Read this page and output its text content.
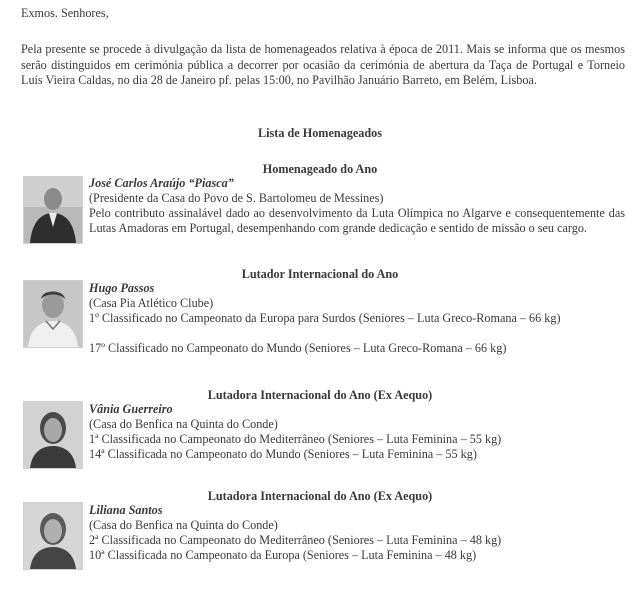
Exmos. Senhores,
Pela presente se procede à divulgação da lista de homenageados relativa à época de 2011. Mais se informa que os mesmos serão distinguidos em cerimónia pública a decorrer por ocasião da cerimónia de abertura da Taça de Portugal e Torneio Luís Vieira Caldas, no dia 28 de Janeiro pf. pelas 15:00, no Pavilhão Januário Barreto, em Belém, Lisboa.
Lista de Homenageados
Homenageado do Ano
José Carlos Araújo “Piasca”
(Presidente da Casa do Povo de S. Bartolomeu de Messines)
Pelo contributo assinalável dado ao desenvolvimento da Luta Olímpica no Algarve e consequentemente das Lutas Amadoras em Portugal, desempenhando com grande dedicação e sentido de missão o seu cargo.
Lutador Internacional do Ano
Hugo Passos
(Casa Pia Atlético Clube)
1º Classificado no Campeonato da Europa para Surdos (Seniores – Luta Greco-Romana – 66 kg)
17º Classificado no Campeonato do Mundo (Seniores – Luta Greco-Romana – 66 kg)
Lutadora Internacional do Ano (Ex Aequo)
Vânia Guerreiro
(Casa do Benfica na Quinta do Conde)
1ª Classificada no Campeonato do Mediterrâneo (Seniores – Luta Feminina – 55 kg)
14ª Classificada no Campeonato do Mundo (Seniores – Luta Feminina – 55 kg)
Lutadora Internacional do Ano (Ex Aequo)
Liliana Santos
(Casa do Benfica na Quinta do Conde)
2ª Classificada no Campeonato do Mediterrâneo (Seniores – Luta Feminina – 48 kg)
10ª Classificada no Campeonato da Europa (Seniores – Luta Feminina – 48 kg)
